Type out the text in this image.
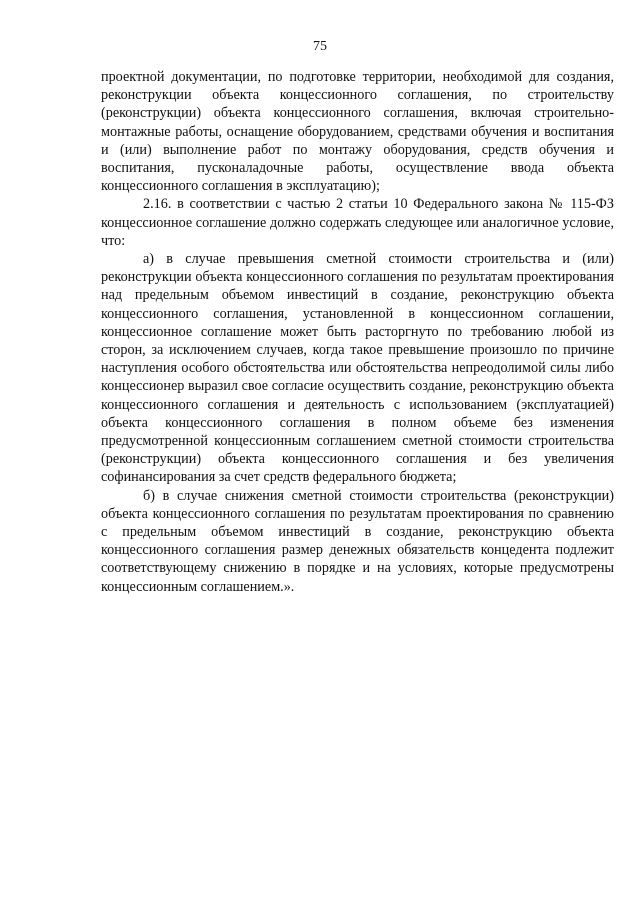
75

проектной документации, по подготовке территории, необходимой для создания, реконструкции объекта концессионного соглашения, по строительству (реконструкции) объекта концессионного соглашения, включая строительно-монтажные работы, оснащение оборудованием, средствами обучения и воспитания и (или) выполнение работ по монтажу оборудования, средств обучения и воспитания, пусконаладочные работы, осуществление ввода объекта концессионного соглашения в эксплуатацию);

2.16. в соответствии с частью 2 статьи 10 Федерального закона № 115-ФЗ концессионное соглашение должно содержать следующее или аналогичное условие, что:

а) в случае превышения сметной стоимости строительства и (или) реконструкции объекта концессионного соглашения по результатам проектирования над предельным объемом инвестиций в создание, реконструкцию объекта концессионного соглашения, установленной в концессионном соглашении, концессионное соглашение может быть расторгнуто по требованию любой из сторон, за исключением случаев, когда такое превышение произошло по причине наступления особого обстоятельства или обстоятельства непреодолимой силы либо концессионер выразил свое согласие осуществить создание, реконструкцию объекта концессионного соглашения и деятельность с использованием (эксплуатацией) объекта концессионного соглашения в полном объеме без изменения предусмотренной концессионным соглашением сметной стоимости строительства (реконструкции) объекта концессионного соглашения и без увеличения софинансирования за счет средств федерального бюджета;

б) в случае снижения сметной стоимости строительства (реконструкции) объекта концессионного соглашения по результатам проектирования по сравнению с предельным объемом инвестиций в создание, реконструкцию объекта концессионного соглашения размер денежных обязательств концедента подлежит соответствующему снижению в порядке и на условиях, которые предусмотрены концессионным соглашением.».
